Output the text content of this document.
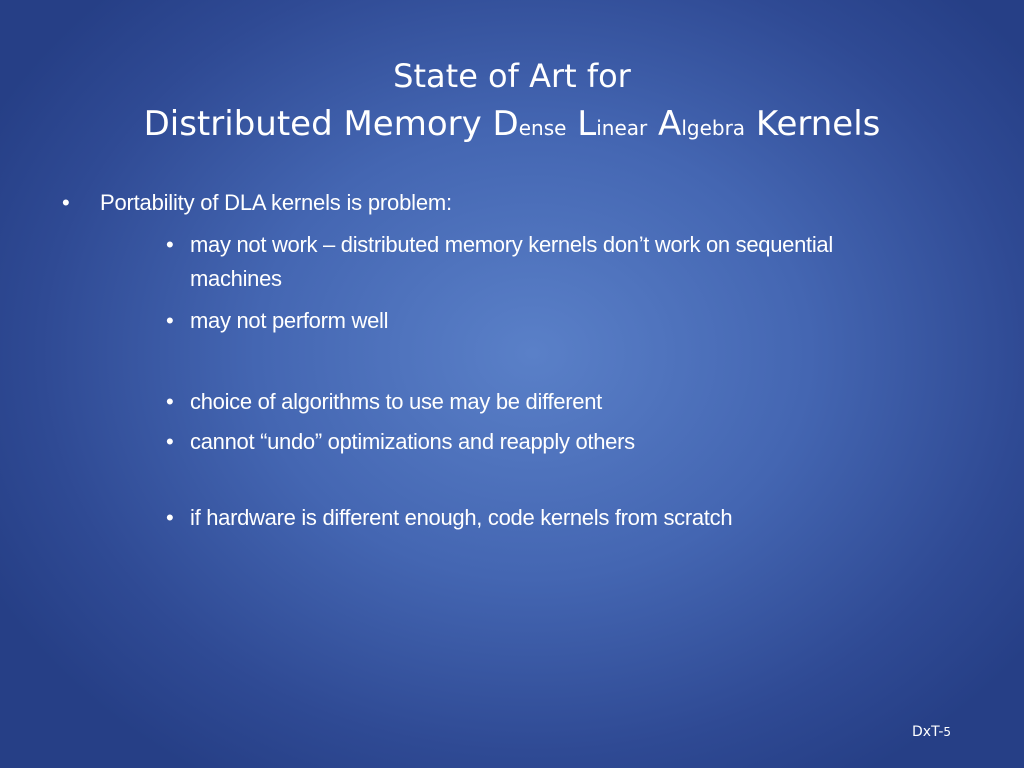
State of Art for
Distributed Memory Dense Linear Algebra Kernels
• Portability of DLA kernels is problem:
• may not work – distributed memory kernels don’t work on sequential machines
• may not perform well
• choice of algorithms to use may be different
• cannot “undo” optimizations and reapply others
• if hardware is different enough, code kernels from scratch
DxT-5
